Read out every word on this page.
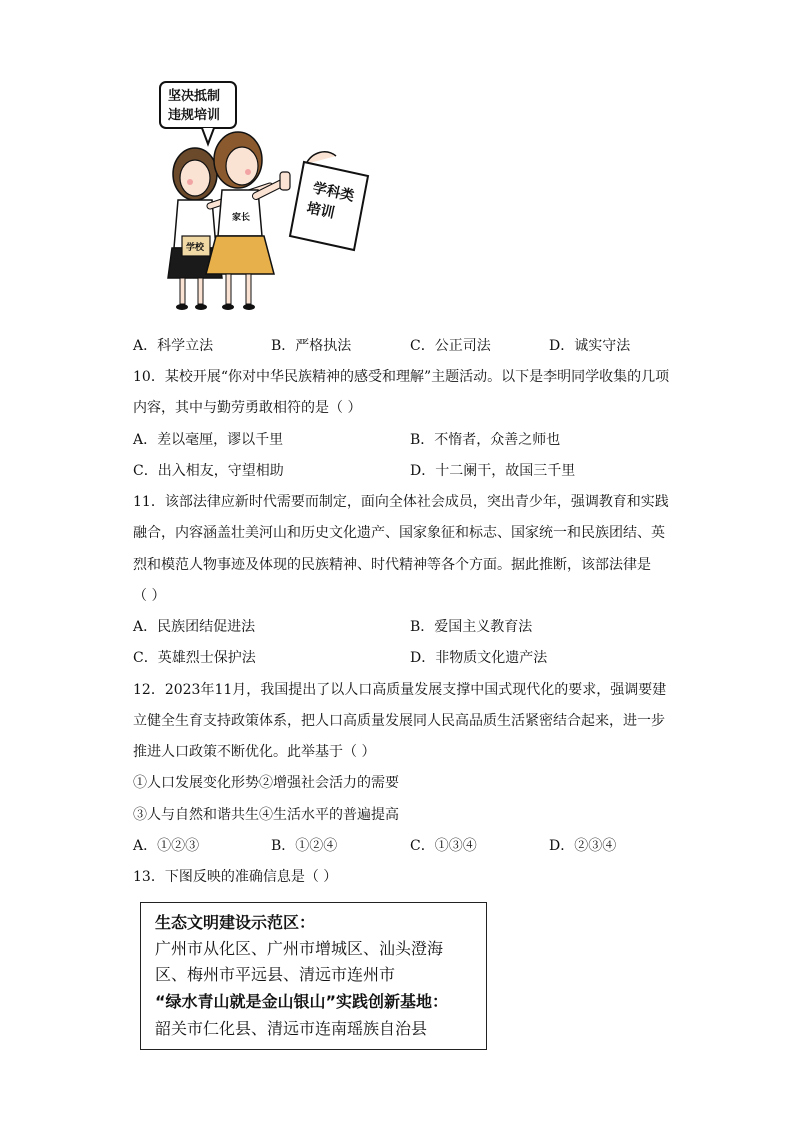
坚决抵制
违规培训
学校
家长
学科类
培训
A．科学立法	B．严格执法	C．公正司法	D．诚实守法
10．某校开展“你对中华民族精神的感受和理解”主题活动。以下是李明同学收集的几项
内容，其中与勤劳勇敢相符的是（ ）
A．差以毫厘，谬以千里	B．不惰者，众善之师也
C．出入相友，守望相助	D．十二阑干，故国三千里
11．该部法律应新时代需要而制定，面向全体社会成员，突出青少年，强调教育和实践
融合，内容涵盖壮美河山和历史文化遗产、国家象征和标志、国家统一和民族团结、英
烈和模范人物事迹及体现的民族精神、时代精神等各个方面。据此推断，该部法律是
（ ）
A．民族团结促进法	B．爱国主义教育法
C．英雄烈士保护法	D．非物质文化遗产法
12．2023年11月，我国提出了以人口高质量发展支撑中国式现代化的要求，强调要建
立健全生育支持政策体系，把人口高质量发展同人民高品质生活紧密结合起来，进一步
推进人口政策不断优化。此举基于（ ）
①人口发展变化形势②增强社会活力的需要
③人与自然和谐共生④生活水平的普遍提高
A．①②③	B．①②④	C．①③④	D．②③④
13．下图反映的准确信息是（ ）
生态文明建设示范区：
广州市从化区、广州市增城区、汕头澄海
区、梅州市平远县、清远市连州市
“绿水青山就是金山银山”实践创新基地：
韶关市仁化县、清远市连南瑶族自治县
